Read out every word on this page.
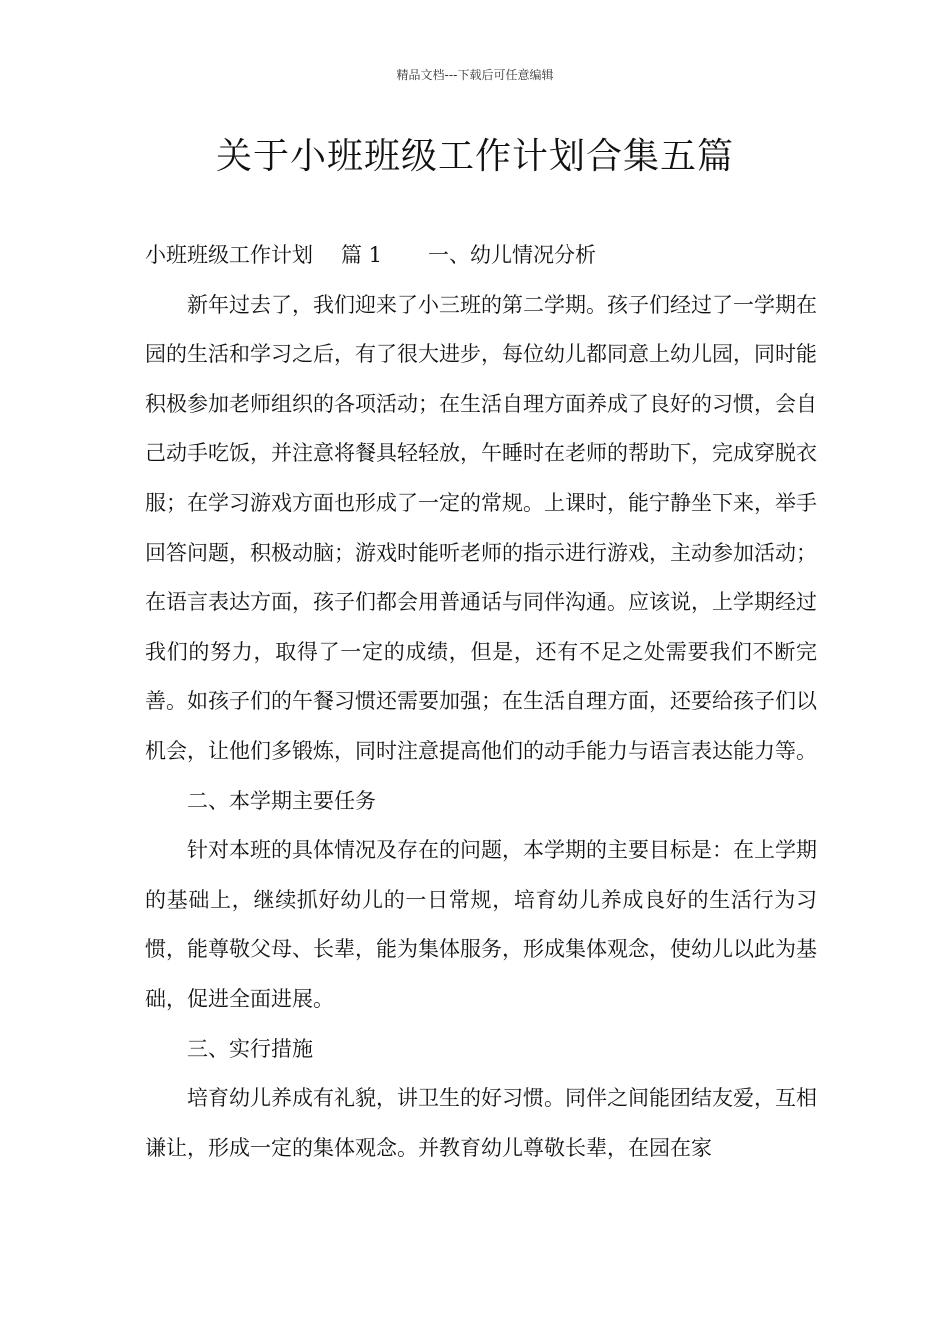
精品文档---下载后可任意编辑
关于小班班级工作计划合集五篇

小班班级工作计划 篇 1 一、幼儿情况分析

新年过去了，我们迎来了小三班的第二学期。孩子们经过了一学期在园的生活和学习之后，有了很大进步，每位幼儿都同意上幼儿园，同时能积极参加老师组织的各项活动；在生活自理方面养成了良好的习惯，会自己动手吃饭，并注意将餐具轻轻放，午睡时在老师的帮助下，完成穿脱衣服；在学习游戏方面也形成了一定的常规。上课时，能宁静坐下来，举手回答问题，积极动脑；游戏时能听老师的指示进行游戏，主动参加活动；在语言表达方面，孩子们都会用普通话与同伴沟通。应该说，上学期经过我们的努力，取得了一定的成绩，但是，还有不足之处需要我们不断完善。如孩子们的午餐习惯还需要加强；在生活自理方面，还要给孩子们以机会，让他们多锻炼，同时注意提高他们的动手能力与语言表达能力等。

二、本学期主要任务

针对本班的具体情况及存在的问题，本学期的主要目标是：在上学期的基础上，继续抓好幼儿的一日常规，培育幼儿养成良好的生活行为习惯，能尊敬父母、长辈，能为集体服务，形成集体观念，使幼儿以此为基础，促进全面进展。

三、实行措施

培育幼儿养成有礼貌，讲卫生的好习惯。同伴之间能团结友爱，互相谦让，形成一定的集体观念。并教育幼儿尊敬长辈，在园在家
